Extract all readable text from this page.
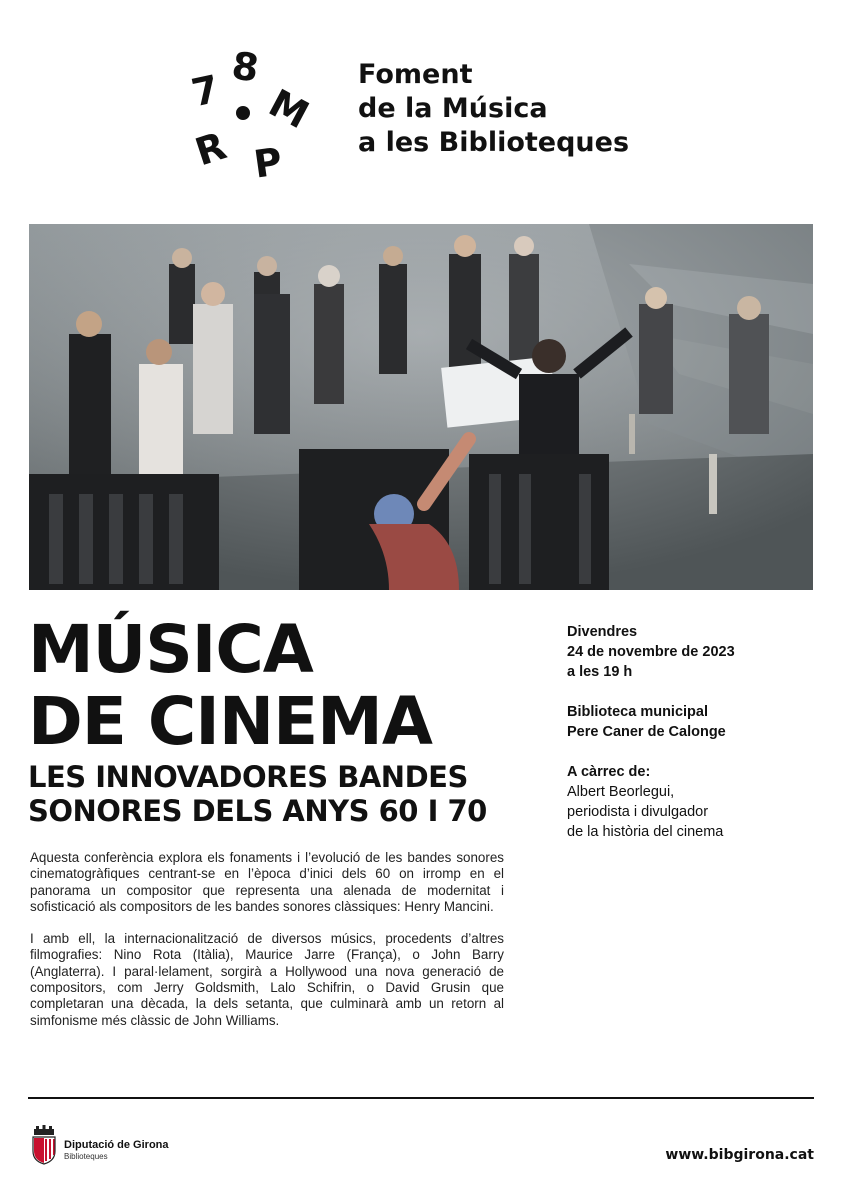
7 8
R
M
P
Foment
de la Música
a les Biblioteques
MÚSICA
DE CINEMA
LES INNOVADORES BANDES
SONORES DELS ANYS 60 I 70

Aquesta conferència explora els fonaments i l’evolució de les bandes sonores cinematogràfiques centrant-se en l’època d’inici dels 60 on irromp en el panorama un compositor que representa una alenada de modernitat i sofisticació als compositors de les bandes sonores clàssiques: Henry Mancini.

I amb ell, la internacionalització de diversos músics, procedents d’altres filmografies: Nino Rota (Itàlia), Maurice Jarre (França), o John Barry (Anglaterra). I paral·lelament, sorgirà a Hollywood una nova generació de compositors, com Jerry Goldsmith, Lalo Schifrin, o David Grusin que completaran una dècada, la dels setanta, que culminarà amb un retorn al simfonisme més clàssic de John Williams.

Divendres
24 de novembre de 2023
a les 19 h
Biblioteca municipal
Pere Caner de Calonge
A càrrec de:
Albert Beorlegui,
periodista i divulgador
de la història del cinema
Diputació de Girona
Biblioteques	www.bibgirona.cat
